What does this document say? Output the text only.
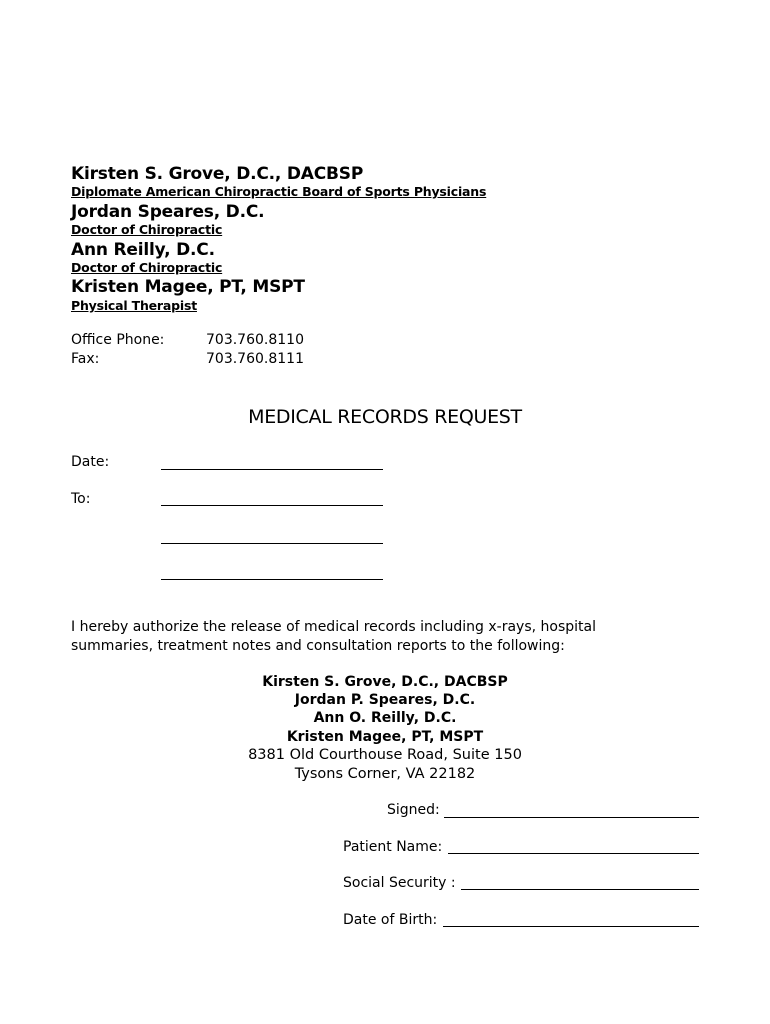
Kirsten S. Grove, D.C., DACBSP
Diplomate American Chiropractic Board of Sports Physicians
Jordan Speares, D.C.
Doctor of Chiropractic
Ann Reilly, D.C.
Doctor of Chiropractic
Kristen Magee, PT, MSPT
Physical Therapist
Office Phone:	703.760.8110
Fax:	703.760.8111
MEDICAL RECORDS REQUEST
Date:
To:
I hereby authorize the release of medical records including x-rays, hospital
summaries, treatment notes and consultation reports to the following:
Kirsten S. Grove, D.C., DACBSP
Jordan P. Speares, D.C.
Ann O. Reilly, D.C.
Kristen Magee, PT, MSPT
8381 Old Courthouse Road, Suite 150
Tysons Corner, VA 22182
Signed:
Patient Name:
Social Security :
Date of Birth:
